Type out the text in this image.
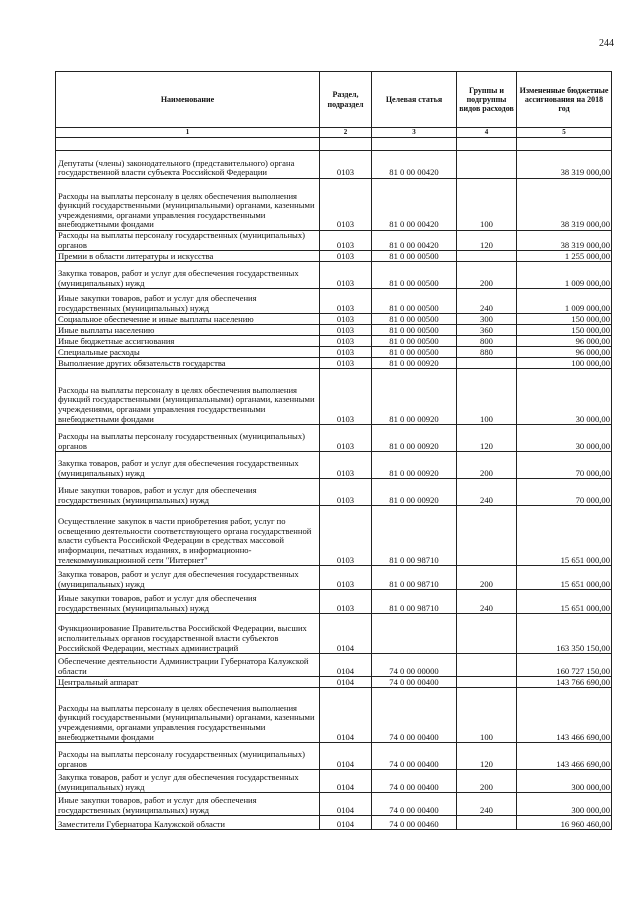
244
Наименование	Раздел, подраздел	Целевая статья	Группы и подгруппы видов расходов	Измененные бюджетные ассигнования на 2018 год
1	2	3	4	5

Депутаты (члены) законодательного (представительного) органа государственной власти субъекта Российской Федерации	0103	81 0 00 00420		38 319 000,00
Расходы на выплаты персоналу в целях обеспечения выполнения функций государственными (муниципальными) органами, казенными учреждениями, органами управления государственными внебюджетными фондами	0103	81 0 00 00420	100	38 319 000,00
Расходы на выплаты персоналу государственных (муниципальных) органов	0103	81 0 00 00420	120	38 319 000,00
Премии в области литературы и искусства	0103	81 0 00 00500		1 255 000,00
Закупка товаров, работ и услуг для обеспечения государственных (муниципальных) нужд	0103	81 0 00 00500	200	1 009 000,00
Иные закупки товаров, работ и услуг для обеспечения государственных (муниципальных) нужд	0103	81 0 00 00500	240	1 009 000,00
Социальное обеспечение и иные выплаты населению	0103	81 0 00 00500	300	150 000,00
Иные выплаты населению	0103	81 0 00 00500	360	150 000,00
Иные бюджетные ассигнования	0103	81 0 00 00500	800	96 000,00
Специальные расходы	0103	81 0 00 00500	880	96 000,00
Выполнение других обязательств государства	0103	81 0 00 00920		100 000,00
Расходы на выплаты персоналу в целях обеспечения выполнения функций государственными (муниципальными) органами, казенными учреждениями, органами управления государственными внебюджетными фондами	0103	81 0 00 00920	100	30 000,00
Расходы на выплаты персоналу государственных (муниципальных) органов	0103	81 0 00 00920	120	30 000,00
Закупка товаров, работ и услуг для обеспечения государственных (муниципальных) нужд	0103	81 0 00 00920	200	70 000,00
Иные закупки товаров, работ и услуг для обеспечения государственных (муниципальных) нужд	0103	81 0 00 00920	240	70 000,00
Осуществление закупок в части приобретения работ, услуг по освещению деятельности соответствующего органа государственной власти субъекта Российской Федерации в средствах массовой информации, печатных изданиях, в информационно-телекоммуникационной сети "Интернет"	0103	81 0 00 98710		15 651 000,00
Закупка товаров, работ и услуг для обеспечения государственных (муниципальных) нужд	0103	81 0 00 98710	200	15 651 000,00
Иные закупки товаров, работ и услуг для обеспечения государственных (муниципальных) нужд	0103	81 0 00 98710	240	15 651 000,00
Функционирование Правительства Российской Федерации, высших исполнительных органов государственной власти субъектов Российской Федерации, местных администраций	0104			163 350 150,00
Обеспечение деятельности Администрации Губернатора Калужской области	0104	74 0 00 00000		160 727 150,00
Центральный аппарат	0104	74 0 00 00400		143 766 690,00
Расходы на выплаты персоналу в целях обеспечения выполнения функций государственными (муниципальными) органами, казенными учреждениями, органами управления государственными внебюджетными фондами	0104	74 0 00 00400	100	143 466 690,00
Расходы на выплаты персоналу государственных (муниципальных) органов	0104	74 0 00 00400	120	143 466 690,00
Закупка товаров, работ и услуг для обеспечения государственных (муниципальных) нужд	0104	74 0 00 00400	200	300 000,00
Иные закупки товаров, работ и услуг для обеспечения государственных (муниципальных) нужд	0104	74 0 00 00400	240	300 000,00
Заместители Губернатора Калужской области	0104	74 0 00 00460		16 960 460,00
